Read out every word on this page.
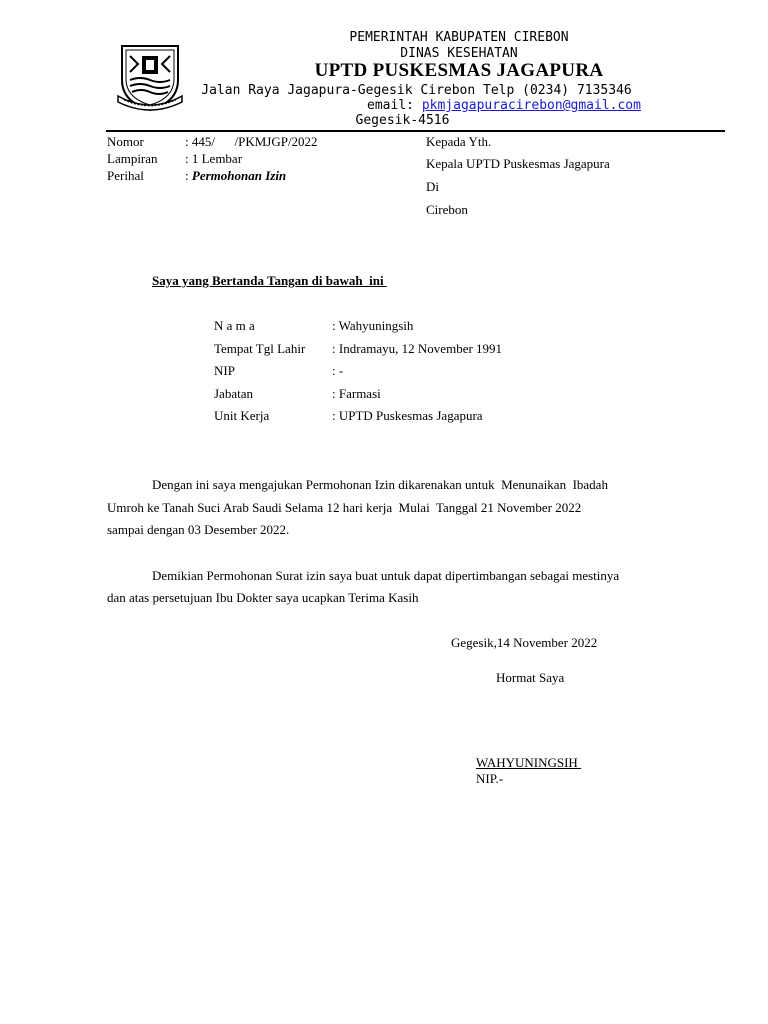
PEMERINTAH KABUPATEN CIREBON
DINAS KESEHATAN
UPTD PUSKESMAS JAGAPURA
Jalan Raya Jagapura-Gegesik Cirebon Telp (0234) 7135346
email: pkmjagapuracirebon@gmail.com
Gegesik-4516
Nomor	: 445/      /PKMJGP/2022
Lampiran : 1 Lembar
Perihal	: Permohonan Izin
Kepada Yth.
Kepala UPTD Puskesmas Jagapura
Di
Cirebon
Saya yang Bertanda Tangan di bawah  ini
N a m a	: Wahyuningsih
Tempat Tgl Lahir : Indramayu, 12 November 1991
NIP	: -
Jabatan	: Farmasi
Unit Kerja	: UPTD Puskesmas Jagapura
Dengan ini saya mengajukan Permohonan Izin dikarenakan untuk  Menunaikan  Ibadah
Umroh ke Tanah Suci Arab Saudi Selama 12 hari kerja  Mulai  Tanggal 21 November 2022
sampai dengan 03 Desember 2022.
Demikian Permohonan Surat izin saya buat untuk dapat dipertimbangan sebagai mestinya
dan atas persetujuan Ibu Dokter saya ucapkan Terima Kasih
Gegesik,14 November 2022
Hormat Saya
WAHYUNINGSIH
NIP.-
